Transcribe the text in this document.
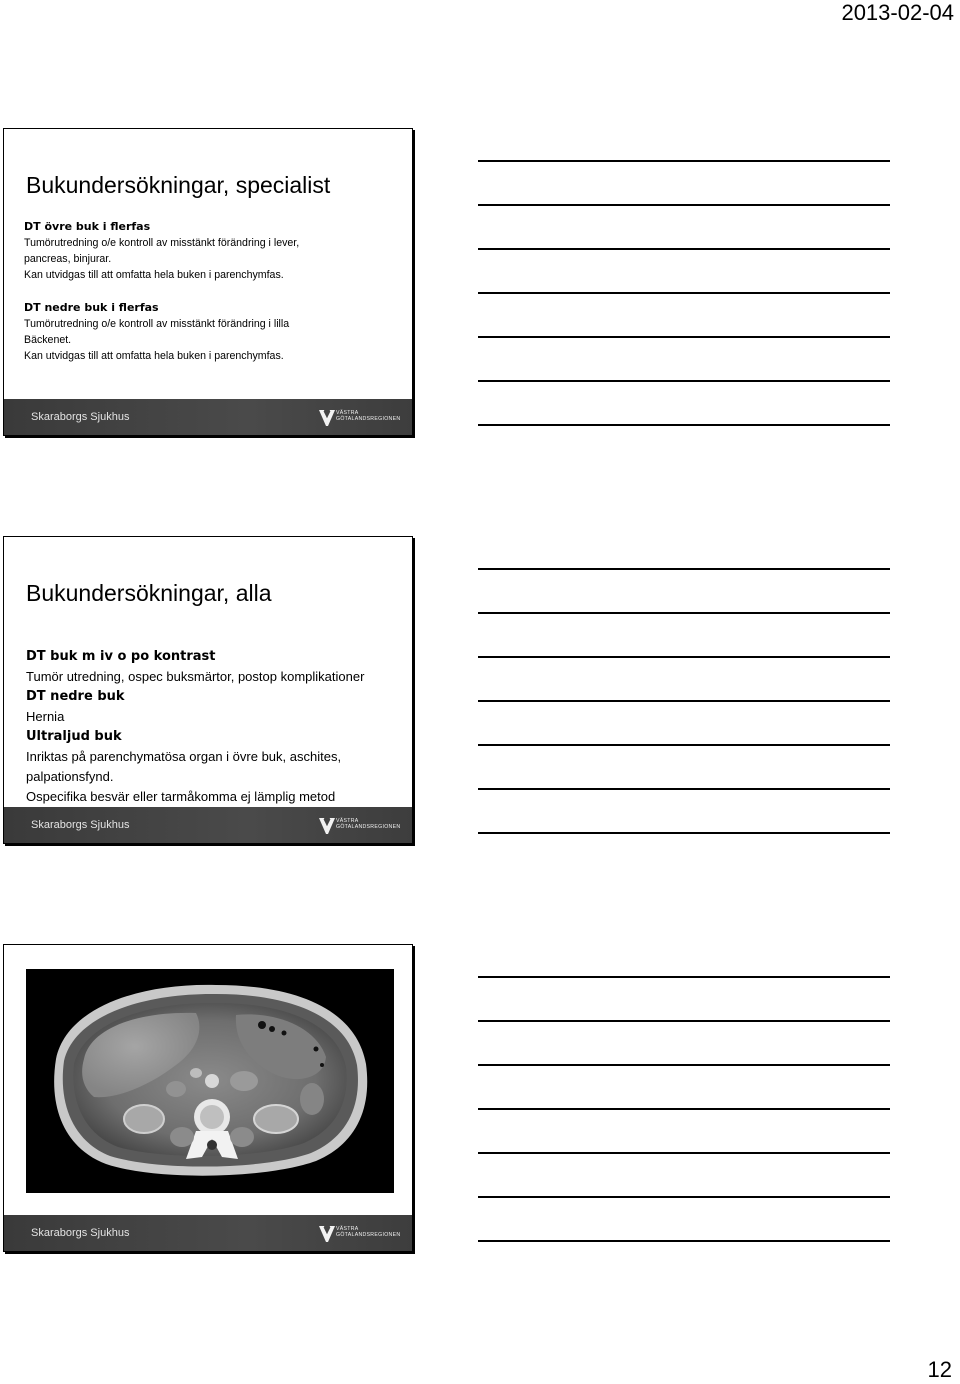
2013-02-04
Bukundersökningar, specialist
DT övre buk i flerfas
Tumörutredning o/e kontroll av misstänkt förändring i lever,
pancreas, binjurar.
Kan utvidgas till att omfatta hela buken i parenchymfas.
DT nedre buk i flerfas
Tumörutredning o/e kontroll av misstänkt förändring i lilla
Bäckenet.
Kan utvidgas till att omfatta hela buken i parenchymfas.
Skaraborgs Sjukhus	VÄSTRA
GÖTALANDSREGIONEN
Bukundersökningar, alla
DT buk m iv o po kontrast
Tumör utredning, ospec buksmärtor, postop komplikationer
DT nedre buk
Hernia
Ultraljud buk
Inriktas på parenchymatösa organ i övre buk, aschites,
palpationsfynd.
Ospecifika besvär eller tarmåkomma ej lämplig metod
Skaraborgs Sjukhus	VÄSTRA
GÖTALANDSREGIONEN
Skaraborgs Sjukhus	VÄSTRA
GÖTALANDSREGIONEN
12
